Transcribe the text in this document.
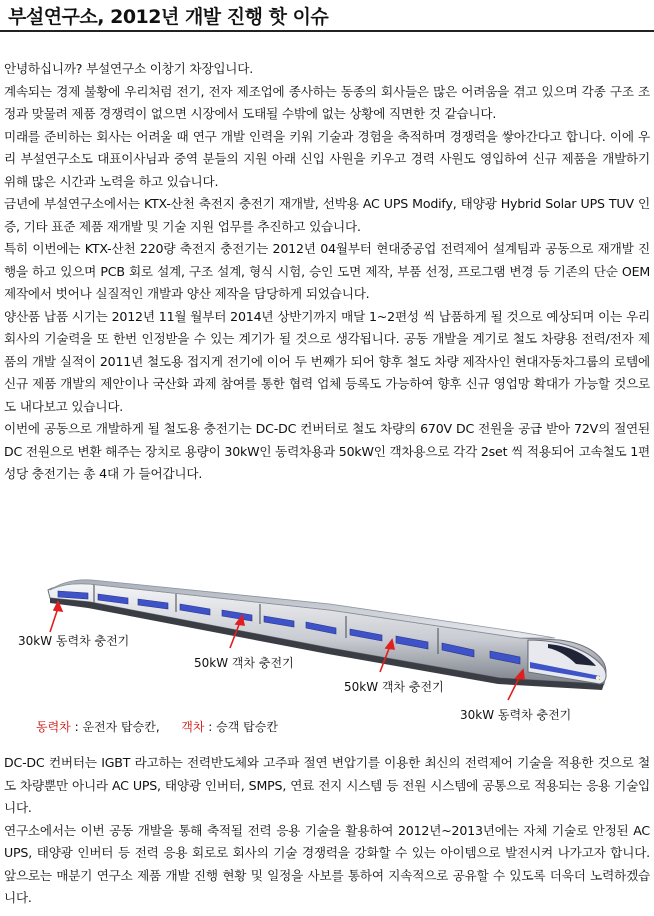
부설연구소, 2012년 개발 진행 핫 이슈

안녕하십니까? 부설연구소 이창기 차장입니다.

계속되는 경제 불황에 우리처럼 전기, 전자 제조업에 종사하는 동종의 회사들은 많은 어려움을 겪고 있으며 각종 구조 조정과 맞물려 제품 경쟁력이 없으면 시장에서 도태될 수밖에 없는 상황에 직면한 것 같습니다.

미래를 준비하는 회사는 어려울 때 연구 개발 인력을 키워 기술과 경험을 축적하며 경쟁력을 쌓아간다고 합니다. 이에 우리 부설연구소도 대표이사님과 중역 분들의 지원 아래 신입 사원을 키우고 경력 사원도 영입하여 신규 제품을 개발하기 위해 많은 시간과 노력을 하고 있습니다.

금년에 부설연구소에서는 KTX-산천 축전지 충전기 재개발, 선박용 AC UPS Modify, 태양광 Hybrid Solar UPS TUV 인증, 기타 표준 제품 재개발 및 기술 지원 업무를 추진하고 있습니다.

특히 이번에는 KTX-산천 220량 축전지 충전기는 2012년 04월부터 현대중공업 전력제어 설계팀과 공동으로 재개발 진행을 하고 있으며 PCB 회로 설계, 구조 설계, 형식 시험, 승인 도면 제작, 부품 선정, 프로그램 변경 등 기존의 단순 OEM 제작에서 벗어나 실질적인 개발과 양산 제작을 담당하게 되었습니다.

양산품 납품 시기는 2012년 11월 월부터 2014년 상반기까지 매달 1~2편성 씩 납품하게 될 것으로 예상되며 이는 우리 회사의 기술력을 또 한번 인정받을 수 있는 계기가 될 것으로 생각됩니다. 공동 개발을 계기로 철도 차량용 전력/전자 제품의 개발 실적이 2011년 철도용 접지게 전기에 이어 두 번째가 되어 향후 철도 차량 제작사인 현대자동차그룹의 로템에 신규 제품 개발의 제안이나 국산화 과제 참여를 통한 협력 업체 등록도 가능하여 향후 신규 영업망 확대가 가능할 것으로도 내다보고 있습니다.

이번에 공동으로 개발하게 될 철도용 충전기는 DC-DC 컨버터로 철도 차량의 670V DC 전원을 공급 받아 72V의 절연된 DC 전원으로 변환 해주는 장치로 용량이 30kW인 동력차용과 50kW인 객차용으로 각각 2set 씩 적용되어 고속철도 1편성당 충전기는 총 4대 가 들어갑니다.

30kW 동력차 충전기
50kW 객차 충전기
50kW 객차 충전기
30kW 동력차 충전기
동력차 : 운전자 탑승칸, 객차 : 승객 탑승칸

DC-DC 컨버터는 IGBT 라고하는 전력반도체와 고주파 절연 변압기를 이용한 최신의 전력제어 기술을 적용한 것으로 철도 차량뿐만 아니라 AC UPS, 태양광 인버터, SMPS, 연료 전지 시스템 등 전원 시스템에 공통으로 적용되는 응용 기술입니다.

연구소에서는 이번 공동 개발을 통해 축적될 전력 응용 기술을 활용하여 2012년~2013년에는 자체 기술로 안정된 AC UPS, 태양광 인버터 등 전력 응용 회로로 회사의 기술 경쟁력을 강화할 수 있는 아이템으로 발전시켜 나가고자 합니다. 앞으로는 매분기 연구소 제품 개발 진행 현황 및 일정을 사보를 통하여 지속적으로 공유할 수 있도록 더욱더 노력하겠습니다.
